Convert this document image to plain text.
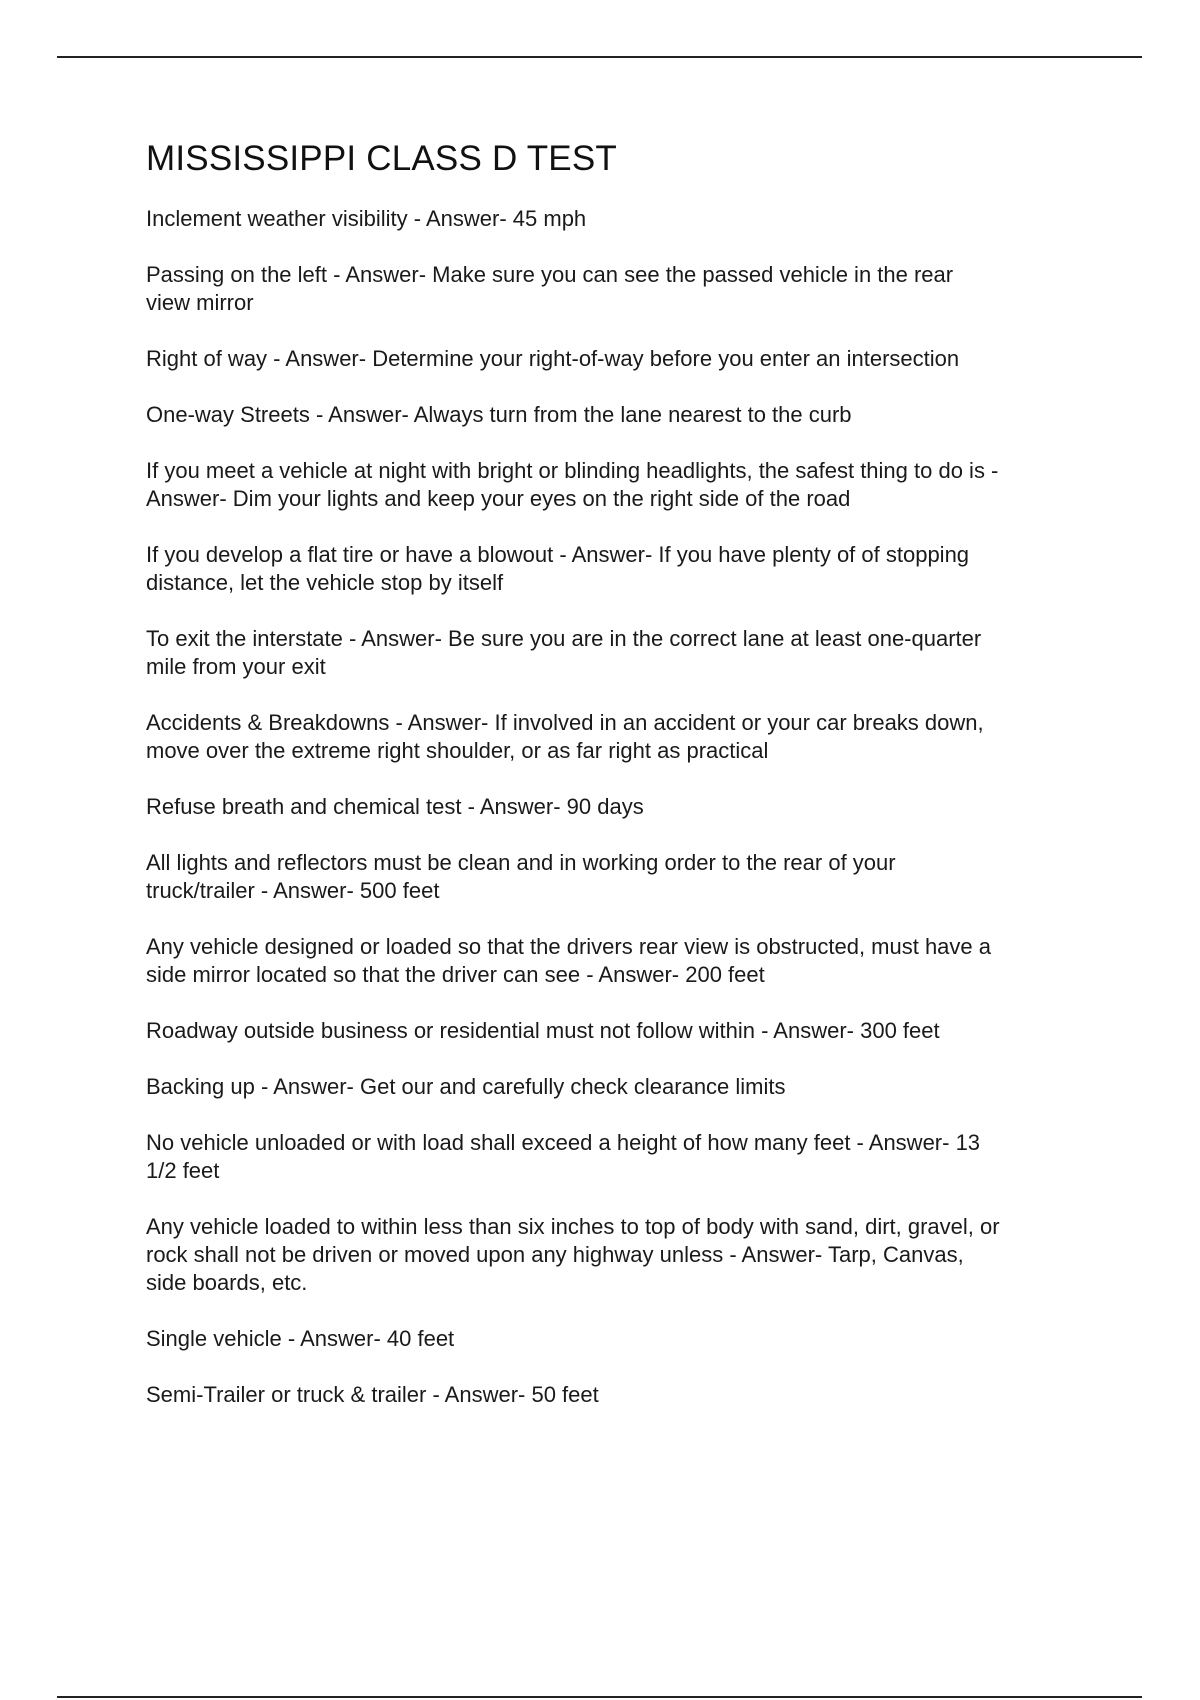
MISSISSIPPI CLASS D TEST
Inclement weather visibility - Answer- 45 mph
Passing on the left - Answer- Make sure you can see the passed vehicle in the rear
view mirror
Right of way - Answer- Determine your right-of-way before you enter an intersection
One-way Streets - Answer- Always turn from the lane nearest to the curb
If you meet a vehicle at night with bright or blinding headlights, the safest thing to do is -
Answer- Dim your lights and keep your eyes on the right side of the road
If you develop a flat tire or have a blowout - Answer- If you have plenty of of stopping
distance, let the vehicle stop by itself
To exit the interstate - Answer- Be sure you are in the correct lane at least one-quarter
mile from your exit
Accidents & Breakdowns - Answer- If involved in an accident or your car breaks down,
move over the extreme right shoulder, or as far right as practical
Refuse breath and chemical test - Answer- 90 days
All lights and reflectors must be clean and in working order to the rear of your
truck/trailer - Answer- 500 feet
Any vehicle designed or loaded so that the drivers rear view is obstructed, must have a
side mirror located so that the driver can see - Answer- 200 feet
Roadway outside business or residential must not follow within - Answer- 300 feet
Backing up - Answer- Get our and carefully check clearance limits
No vehicle unloaded or with load shall exceed a height of how many feet - Answer- 13
1/2 feet
Any vehicle loaded to within less than six inches to top of body with sand, dirt, gravel, or
rock shall not be driven or moved upon any highway unless - Answer- Tarp, Canvas,
side boards, etc.
Single vehicle - Answer- 40 feet
Semi-Trailer or truck & trailer - Answer- 50 feet
